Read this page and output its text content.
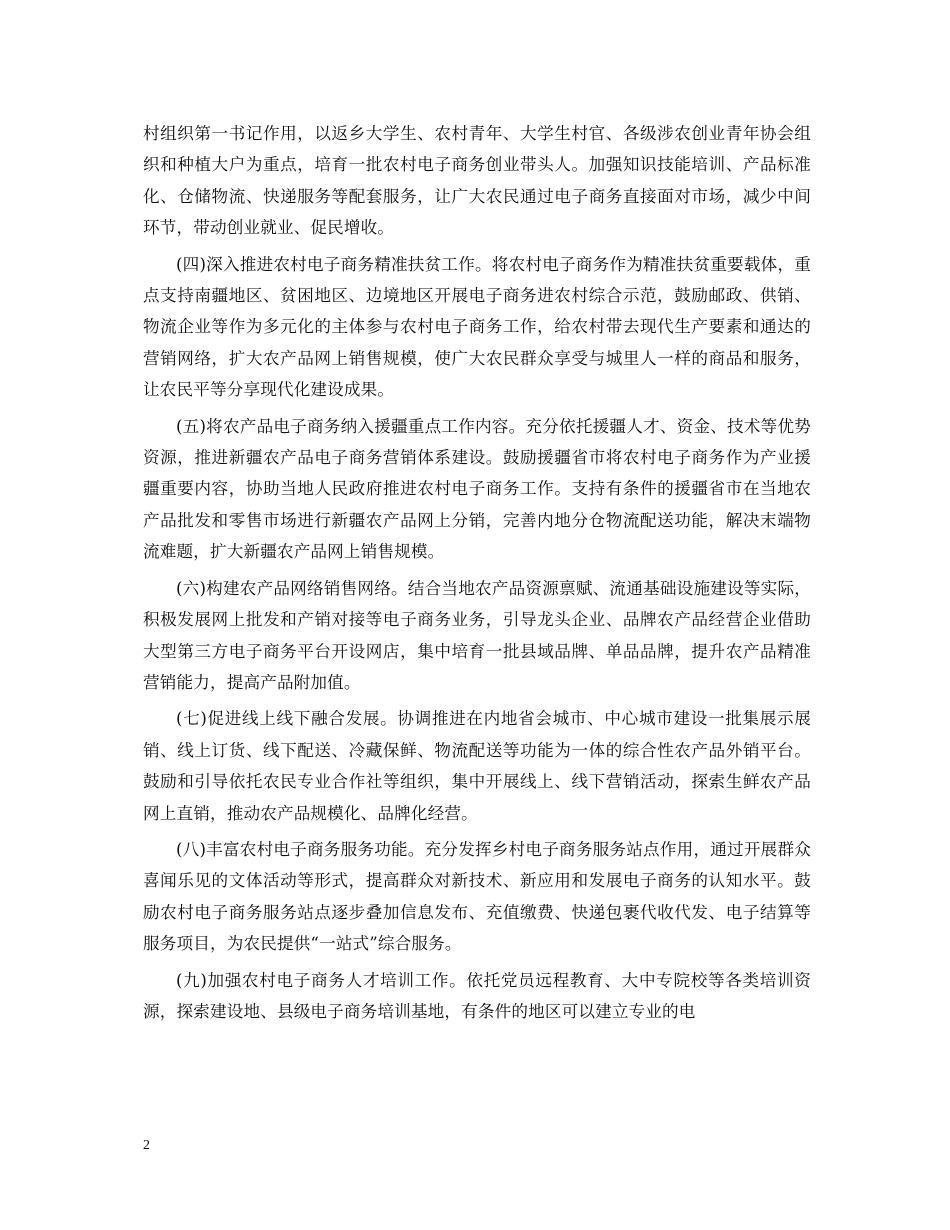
村组织第一书记作用，以返乡大学生、农村青年、大学生村官、各级涉农创业青年协会组织和种植大户为重点，培育一批农村电子商务创业带头人。加强知识技能培训、产品标准化、仓储物流、快递服务等配套服务，让广大农民通过电子商务直接面对市场，减少中间环节，带动创业就业、促民增收。

(四)深入推进农村电子商务精准扶贫工作。将农村电子商务作为精准扶贫重要载体，重点支持南疆地区、贫困地区、边境地区开展电子商务进农村综合示范，鼓励邮政、供销、物流企业等作为多元化的主体参与农村电子商务工作，给农村带去现代生产要素和通达的营销网络，扩大农产品网上销售规模，使广大农民群众享受与城里人一样的商品和服务，让农民平等分享现代化建设成果。

(五)将农产品电子商务纳入援疆重点工作内容。充分依托援疆人才、资金、技术等优势资源，推进新疆农产品电子商务营销体系建设。鼓励援疆省市将农村电子商务作为产业援疆重要内容，协助当地人民政府推进农村电子商务工作。支持有条件的援疆省市在当地农产品批发和零售市场进行新疆农产品网上分销，完善内地分仓物流配送功能，解决末端物流难题，扩大新疆农产品网上销售规模。

(六)构建农产品网络销售网络。结合当地农产品资源禀赋、流通基础设施建设等实际，积极发展网上批发和产销对接等电子商务业务，引导龙头企业、品牌农产品经营企业借助大型第三方电子商务平台开设网店，集中培育一批县域品牌、单品品牌，提升农产品精准营销能力，提高产品附加值。

(七)促进线上线下融合发展。协调推进在内地省会城市、中心城市建设一批集展示展销、线上订货、线下配送、冷藏保鲜、物流配送等功能为一体的综合性农产品外销平台。鼓励和引导依托农民专业合作社等组织，集中开展线上、线下营销活动，探索生鲜农产品网上直销，推动农产品规模化、品牌化经营。

(八)丰富农村电子商务服务功能。充分发挥乡村电子商务服务站点作用，通过开展群众喜闻乐见的文体活动等形式，提高群众对新技术、新应用和发展电子商务的认知水平。鼓励农村电子商务服务站点逐步叠加信息发布、充值缴费、快递包裹代收代发、电子结算等服务项目，为农民提供“一站式”综合服务。

(九)加强农村电子商务人才培训工作。依托党员远程教育、大中专院校等各类培训资源，探索建设地、县级电子商务培训基地，有条件的地区可以建立专业的电

2
